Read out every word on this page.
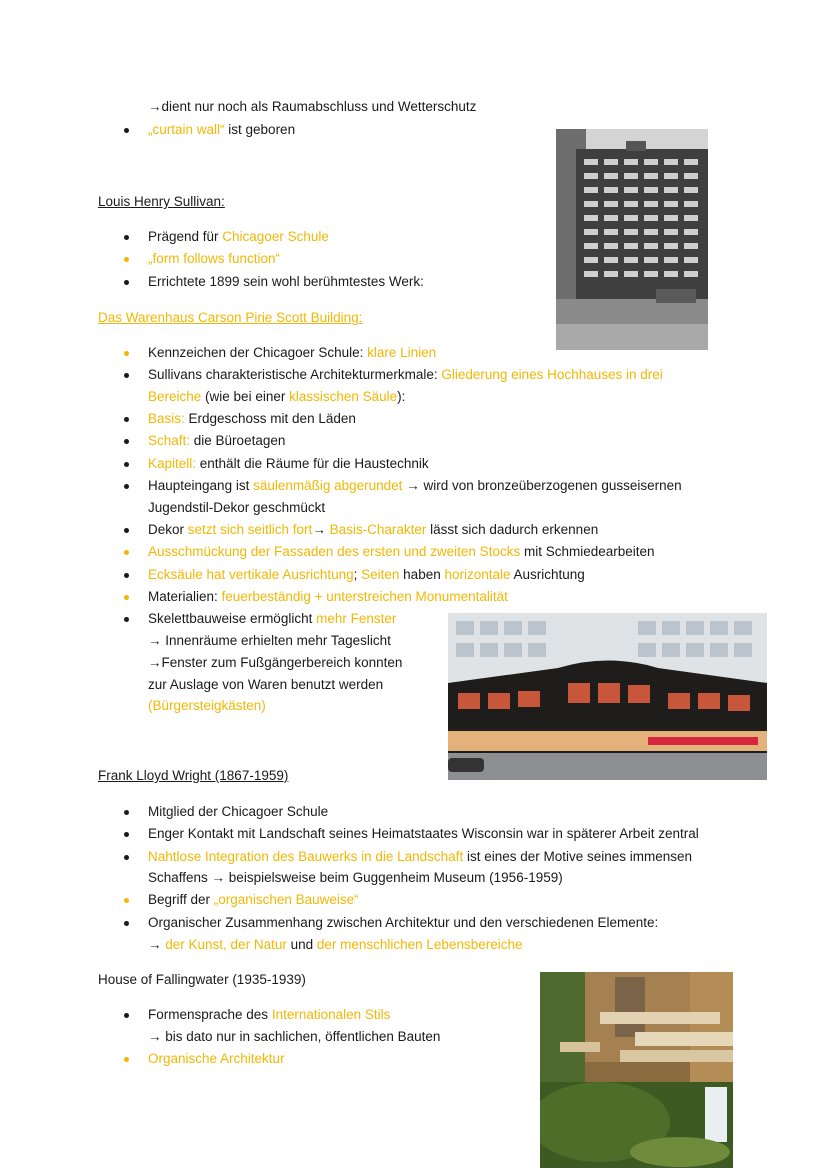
→dient nur noch als Raumabschluss und Wetterschutz
„curtain wall“ ist geboren
Louis Henry Sullivan:
Prägend für Chicagoer Schule
„form follows function“
Errichtete 1899 sein wohl berühmtestes Werk:
Das Warenhaus Carson Pirie Scott Building:
Kennzeichen der Chicagoer Schule: klare Linien
Sullivans charakteristische Architekturmerkmale: Gliederung eines Hochhauses in drei
Bereiche (wie bei einer klassischen Säule):
Basis: Erdgeschoss mit den Läden
Schaft: die Büroetagen
Kapitell: enthält die Räume für die Haustechnik
Haupteingang ist säulenmäßig abgerundet → wird von bronzeüberzogenen gusseisernen
Jugendstil-Dekor geschmückt
Dekor setzt sich seitlich fort→ Basis-Charakter lässt sich dadurch erkennen
Ausschmückung der Fassaden des ersten und zweiten Stocks mit Schmiedearbeiten
Ecksäule hat vertikale Ausrichtung; Seiten haben horizontale Ausrichtung
Materialien: feuerbeständig + unterstreichen Monumentalität
Skelettbauweise ermöglicht mehr Fenster
→ Innenräume erhielten mehr Tageslicht
→Fenster zum Fußgängerbereich konnten
zur Auslage von Waren benutzt werden
(Bürgersteigkästen)
Frank Lloyd Wright (1867-1959)
Mitglied der Chicagoer Schule
Enger Kontakt mit Landschaft seines Heimatstaates Wisconsin war in späterer Arbeit zentral
Nahtlose Integration des Bauwerks in die Landschaft ist eines der Motive seines immensen
Schaffens → beispielsweise beim Guggenheim Museum (1956-1959)
Begriff der „organischen Bauweise“
Organischer Zusammenhang zwischen Architektur und den verschiedenen Elemente:
→ der Kunst, der Natur und der menschlichen Lebensbereiche
House of Fallingwater (1935-1939)
Formensprache des Internationalen Stils
→ bis dato nur in sachlichen, öffentlichen Bauten
Organische Architektur
